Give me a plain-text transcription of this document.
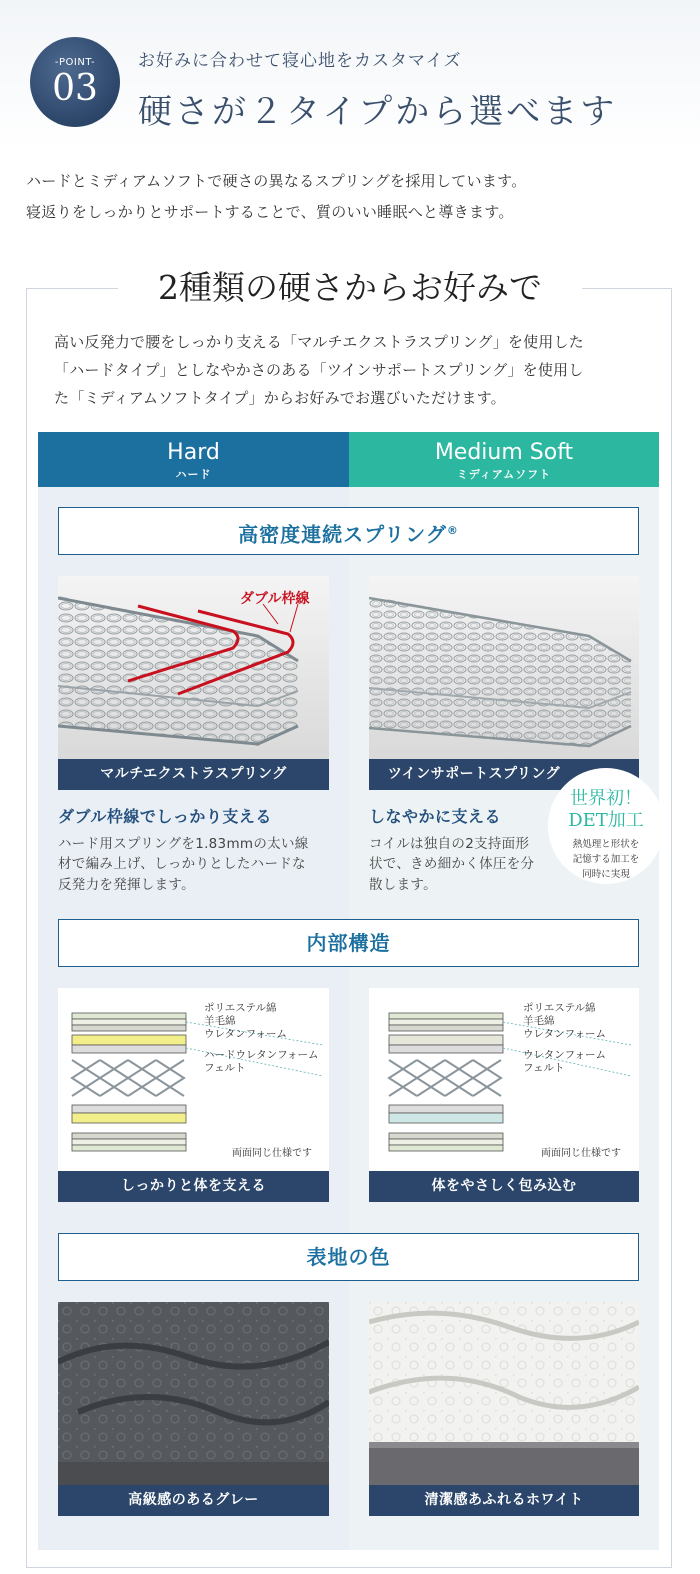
-POINT-
03
お好みに合わせて寝心地をカスタマイズ
硬さが２タイプから選べます
ハードとミディアムソフトで硬さの異なるスプリングを採用しています。
寝返りをしっかりとサポートすることで、質のいい睡眠へと導きます。
2種類の硬さからお好みで
高い反発力で腰をしっかり支える「マルチエクストラスプリング」を使用した
「ハードタイプ」としなやかさのある「ツインサポートスプリング」を使用し
た「ミディアムソフトタイプ」からお好みでお選びいただけます。
Hard
ハード
Medium Soft
ミディアムソフト
高密度連続スプリング®
ダブル枠線
マルチエクストラスプリング	ツインサポートスプリング
ダブル枠線でしっかり支える
ハード用スプリングを1.83mmの太い線
材で編み上げ、しっかりとしたハードな
反発力を発揮します。
しなやかに支える
コイルは独自の2支持面形
状で、きめ細かく体圧を分
散します。
世界初！
DET加工
熱処理と形状を
記憶する加工を
同時に実現
内部構造
ポリエステル綿
羊毛綿
ウレタンフォーム
ハードウレタンフォーム
フェルト
両面同じ仕様です
しっかりと体を支える
ポリエステル綿
羊毛綿
ウレタンフォーム
ウレタンフォーム
フェルト
両面同じ仕様です
体をやさしく包み込む
表地の色
高級感のあるグレー	清潔感あふれるホワイト
